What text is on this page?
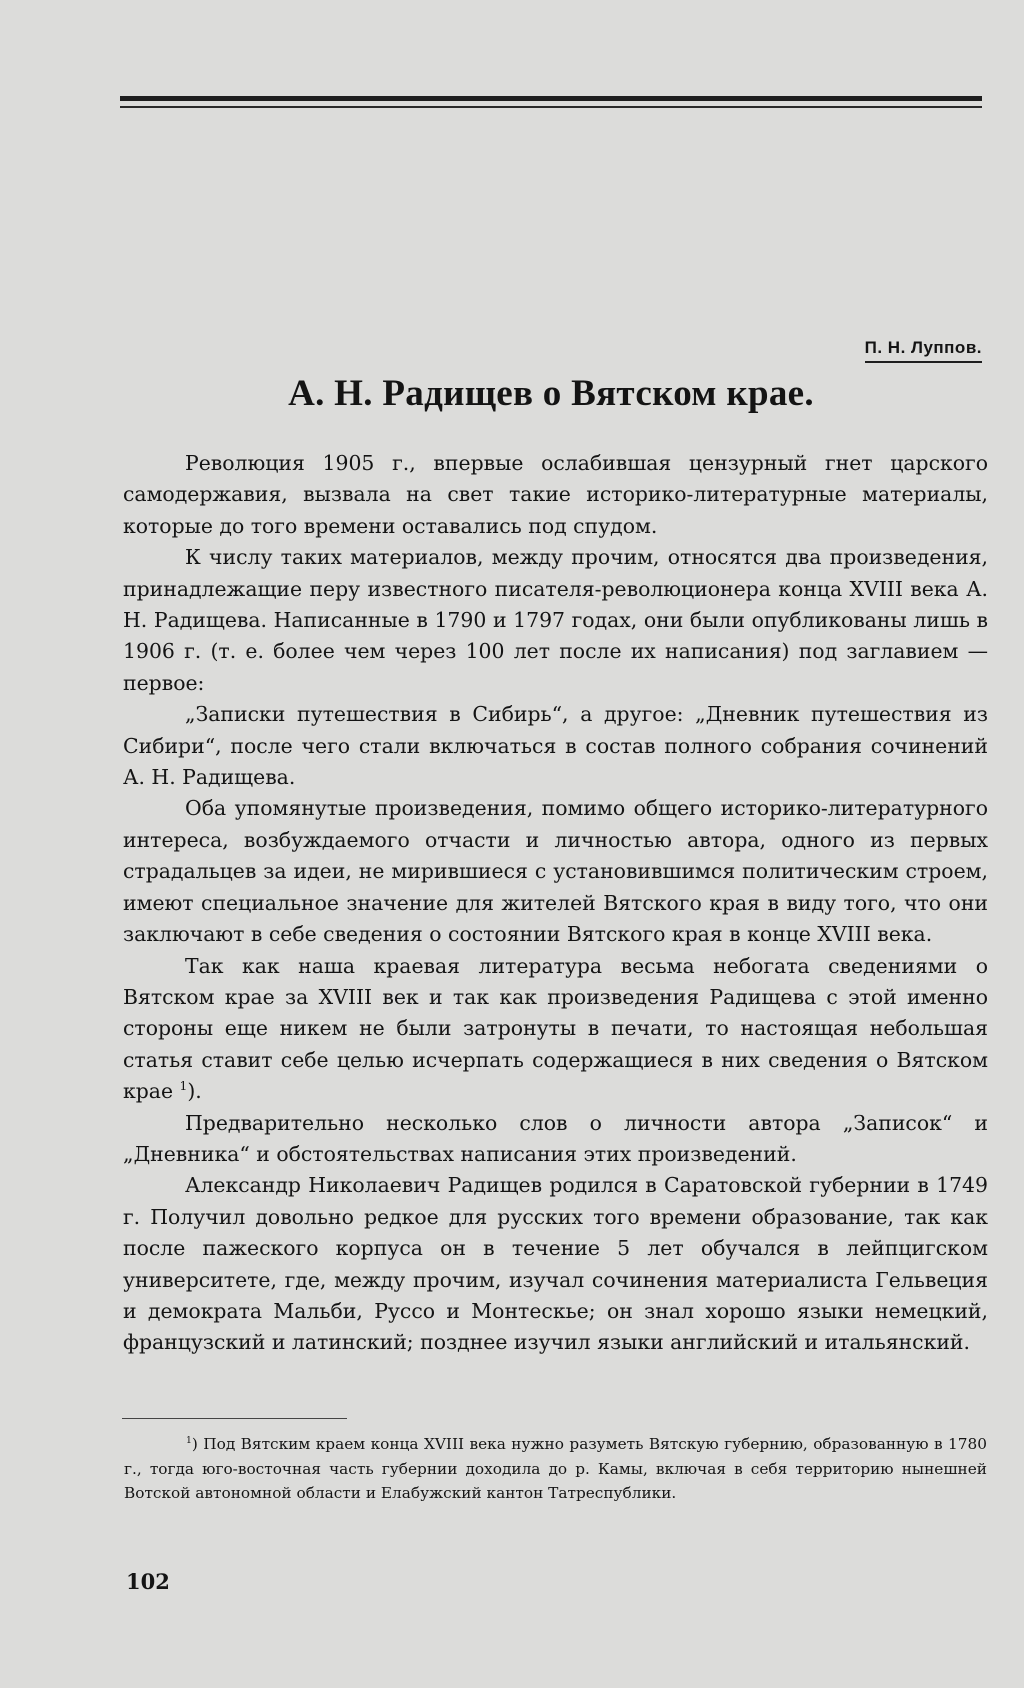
П. Н. Луппов.
А. Н. Радищев о Вятском крае.

Революция 1905 г., впервые ослабившая цензурный гнет царского самодержавия, вызвала на свет такие историко-литературные материалы, которые до того времени оставались под спудом.

К числу таких материалов, между прочим, относятся два произведения, принадлежащие перу известного писателя-революционера конца XVIII века А. Н. Радищева. Написанные в 1790 и 1797 годах, они были опубликованы лишь в 1906 г. (т. е. более чем через 100 лет после их написания) под заглавием — первое:

„Записки путешествия в Сибирь“, а другое: „Дневник путешествия из Сибири“, после чего стали включаться в состав полного собрания сочинений А. Н. Радищева.

Оба упомянутые произведения, помимо общего историко-литературного интереса, возбуждаемого отчасти и личностью автора, одного из первых страдальцев за идеи, не мирившиеся с установившимся политическим строем, имеют специальное значение для жителей Вятского края в виду того, что они заключают в себе сведения о состоянии Вятского края в конце XVIII века.

Так как наша краевая литература весьма небогата сведениями о Вятском крае за XVIII век и так как произведения Радищева с этой именно стороны еще никем не были затронуты в печати, то настоящая небольшая статья ставит себе целью исчерпать содержащиеся в них сведения о Вятском крае $^1$).

Предварительно несколько слов о личности автора „Записок“ и „Дневника“ и обстоятельствах написания этих произведений.

Александр Николаевич Радищев родился в Саратовской губернии в 1749 г. Получил довольно редкое для русских того времени образование, так как после пажеского корпуса он в течение 5 лет обучался в лейпцигском университете, где, между прочим, изучал сочинения материалиста Гельвеция и демократа Мальби, Руссо и Монтескье; он знал хорошо языки немецкий, французский и латинский; позднее изучил языки английский и итальянский.

$^1$) Под Вятским краем конца XVIII века нужно разуметь Вятскую губернию, образованную в 1780 г., тогда юго-восточная часть губернии доходила до р. Камы, включая в себя территорию нынешней Вотской автономной области и Елабужский кантон Татреспублики.
102
